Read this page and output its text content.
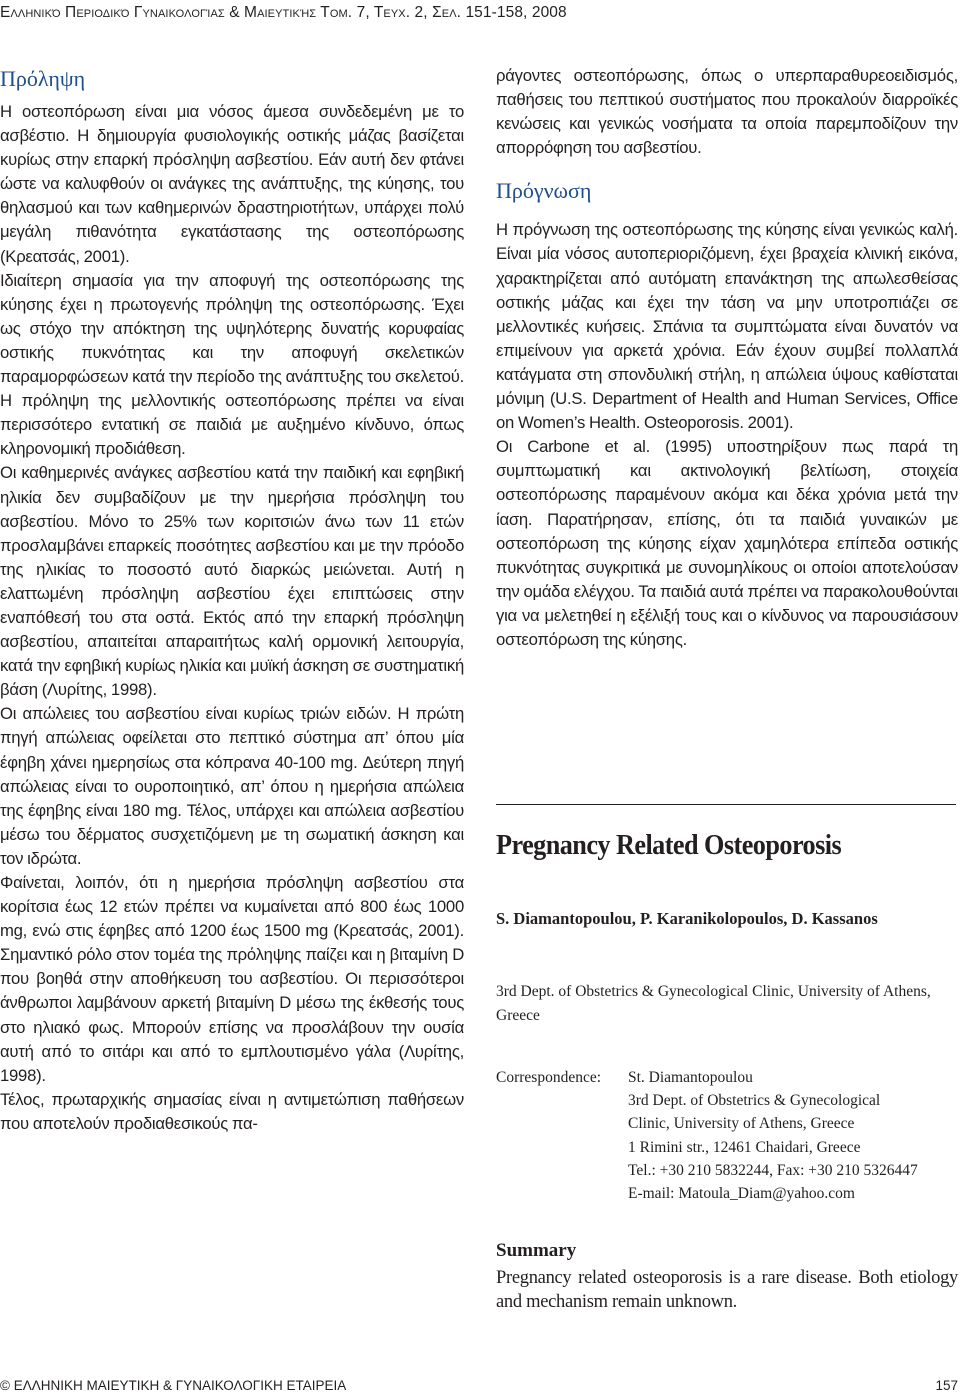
Ελληνικό Περιοδικό Γυναικολογίας & Μαιευτικής Τομ. 7, Τευχ. 2, Σελ. 151-158, 2008
Πρόληψη

Η οστεοπόρωση είναι μια νόσος άμεσα συνδεδεμένη με το ασβέστιο. Η δημιουργία φυσιολογικής οστικής μάζας βασίζεται κυρίως στην επαρκή πρόσληψη ασβεστίου. Εάν αυτή δεν φτάνει ώστε να καλυφθούν οι ανάγκες της ανάπτυξης, της κύησης, του θηλασμού και των καθημερινών δραστηριοτήτων, υπάρχει πολύ μεγάλη πιθανότητα εγκατάστασης της οστεοπόρωσης (Κρεατσάς, 2001).

Ιδιαίτερη σημασία για την αποφυγή της οστεοπόρωσης της κύησης έχει η πρωτογενής πρόληψη της οστεοπόρωσης. Έχει ως στόχο την απόκτηση της υψηλότερης δυνατής κορυφαίας οστικής πυκνότητας και την αποφυγή σκελετικών παραμορφώσεων κατά την περίοδο της ανάπτυξης του σκελετού. Η πρόληψη της μελλοντικής οστεοπόρωσης πρέπει να είναι περισσότερο εντατική σε παιδιά με αυξημένο κίνδυνο, όπως κληρονομική προδιάθεση.

Οι καθημερινές ανάγκες ασβεστίου κατά την παιδική και εφηβική ηλικία δεν συμβαδίζουν με την ημερήσια πρόσληψη του ασβεστίου. Μόνο το 25% των κοριτσιών άνω των 11 ετών προσλαμβάνει επαρκείς ποσότητες ασβεστίου και με την πρόοδο της ηλικίας το ποσοστό αυτό διαρκώς μειώνεται. Αυτή η ελαττωμένη πρόσληψη ασβεστίου έχει επιπτώσεις στην εναπόθεσή του στα οστά. Εκτός από την επαρκή πρόσληψη ασβεστίου, απαιτείται απαραιτήτως καλή ορμονική λειτουργία, κατά την εφηβική κυρίως ηλικία και μυϊκή άσκηση σε συστηματική βάση (Λυρίτης, 1998).

Οι απώλειες του ασβεστίου είναι κυρίως τριών ειδών. Η πρώτη πηγή απώλειας οφείλεται στο πεπτικό σύστημα απ’ όπου μία έφηβη χάνει ημερησίως στα κόπρανα 40-100 mg. Δεύτερη πηγή απώλειας είναι το ουροποιητικό, απ’ όπου η ημερήσια απώλεια της έφηβης είναι 180 mg. Τέλος, υπάρχει και απώλεια ασβεστίου μέσω του δέρματος συσχετιζόμενη με τη σωματική άσκηση και τον ιδρώτα.

Φαίνεται, λοιπόν, ότι η ημερήσια πρόσληψη ασβεστίου στα κορίτσια έως 12 ετών πρέπει να κυμαίνεται από 800 έως 1000 mg, ενώ στις έφηβες από 1200 έως 1500 mg (Κρεατσάς, 2001). Σημαντικό ρόλο στον τομέα της πρόληψης παίζει και η βιταμίνη D που βοηθά στην αποθήκευση του ασβεστίου. Οι περισσότεροι άνθρωποι λαμβάνουν αρκετή βιταμίνη D μέσω της έκθεσής τους στο ηλιακό φως. Μπορούν επίσης να προσλάβουν την ουσία αυτή από το σιτάρι και από το εμπλουτισμένο γάλα (Λυρίτης, 1998).

Τέλος, πρωταρχικής σημασίας είναι η αντιμετώπιση παθήσεων που αποτελούν προδιαθεσικούς πα-

ράγοντες οστεοπόρωσης, όπως ο υπερπαραθυρεοειδισμός, παθήσεις του πεπτικού συστήματος που προκαλούν διαρροϊκές κενώσεις και γενικώς νοσήματα τα οποία παρεμποδίζουν την απορρόφηση του ασβεστίου.

Πρόγνωση

Η πρόγνωση της οστεοπόρωσης της κύησης είναι γενικώς καλή. Είναι μία νόσος αυτοπεριοριζόμενη, έχει βραχεία κλινική εικόνα, χαρακτηρίζεται από αυτόματη επανάκτηση της απωλεσθείσας οστικής μάζας και έχει την τάση να μην υποτροπιάζει σε μελλοντικές κυήσεις. Σπάνια τα συμπτώματα είναι δυνατόν να επιμείνουν για αρκετά χρόνια. Εάν έχουν συμβεί πολλαπλά κατάγματα στη σπονδυλική στήλη, η απώλεια ύψους καθίσταται μόνιμη (U.S. Department of Health and Human Services, Office on Women’s Health. Osteoporosis. 2001).

Οι Carbone et al. (1995) υποστηρίξουν πως παρά τη συμπτωματική και ακτινολογική βελτίωση, στοιχεία οστεοπόρωσης παραμένουν ακόμα και δέκα χρόνια μετά την ίαση. Παρατήρησαν, επίσης, ότι τα παιδιά γυναικών με οστεοπόρωση της κύησης είχαν χαμηλότερα επίπεδα οστικής πυκνότητας συγκριτικά με συνομηλίκους οι οποίοι αποτελούσαν την ομάδα ελέγχου. Τα παιδιά αυτά πρέπει να παρακολουθούνται για να μελετηθεί η εξέλιξή τους και ο κίνδυνος να παρουσιάσουν οστεοπόρωση της κύησης.

Pregnancy Related Osteoporosis
S. Diamantopoulou, P. Karanikolopoulos, D. Kassanos
3rd Dept. of Obstetrics & Gynecological Clinic, University of Athens, Greece
Correspondence: St. Diamantopoulou
3rd Dept. of Obstetrics & Gynecological
Clinic, University of Athens, Greece
1 Rimini str., 12461 Chaidari, Greece
Tel.: +30 210 5832244, Fax: +30 210 5326447
E-mail: Matoula_Diam@yahoo.com
Summary
Pregnancy related osteoporosis is a rare disease. Both etiology and mechanism remain unknown.
© ΕΛΛΗΝΙΚΗ ΜΑΙΕΥΤΙΚΗ & ΓΥΝΑΙΚΟΛΟΓΙΚΗ ΕΤΑΙΡΕΙΑ	157
